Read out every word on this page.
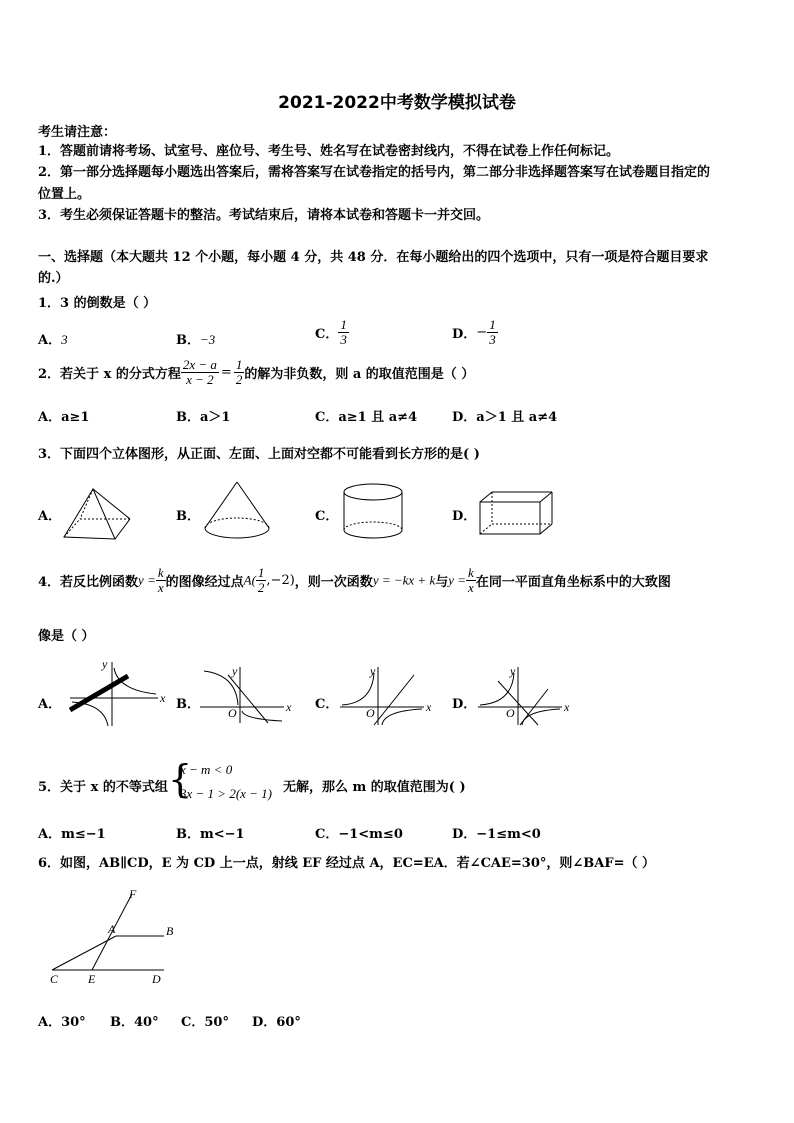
2021-2022中考数学模拟试卷
考生请注意：
1．答题前请将考场、试室号、座位号、考生号、姓名写在试卷密封线内，不得在试卷上作任何标记。
2．第一部分选择题每小题选出答案后，需将答案写在试卷指定的括号内，第二部分非选择题答案写在试卷题目指定的
位置上。
3．考生必须保证答题卡的整洁。考试结束后，请将本试卷和答题卡一并交回。
一、选择题（本大题共 12 个小题，每小题 4 分，共 48 分．在每小题给出的四个选项中，只有一项是符合题目要求
的.）
1．3 的倒数是（ ）
A．3	B．−3	C． $\frac{1}{3}$	D．− $\frac{1}{3}$
2．若关于 x 的分式方程 $\frac{2x - a}{x - 2} = \frac{1}{2}$ 的解为非负数，则 a 的取值范围是（ ）
A．a≥1	B．a＞1	C．a≥1 且 a≠4	D．a＞1 且 a≠4
3．下面四个立体图形，从正面、左面、上面对空都不可能看到长方形的是( )
A．	B．	C．	D．
4．若反比例函数$y = \frac{k}{x}$ 的图像经过点$A( \frac{1}{2} ,-2)$，则一次函数y = −kx + k与$y = \frac{k}{x}$ 在同一平面直角坐标系中的大致图
像是（ ）
A．	x
y
B．	x
y
O
C．	x
y
O
D．	x
y
O
5．关于 x 的不等式组 {
x − m < 0
3x − 1 > 2(x − 1) 无解，那么 m 的取值范围为( )
A．m≤−1	B．m<−1	C．−1<m≤0	D．−1≤m<0
6．如图，AB∥CD，E 为 CD 上一点，射线 EF 经过点 A，EC=EA．若∠CAE=30°，则∠BAF=（ ）
F
A	B
C E	D
A．30° B．40° C．50° D．60°
